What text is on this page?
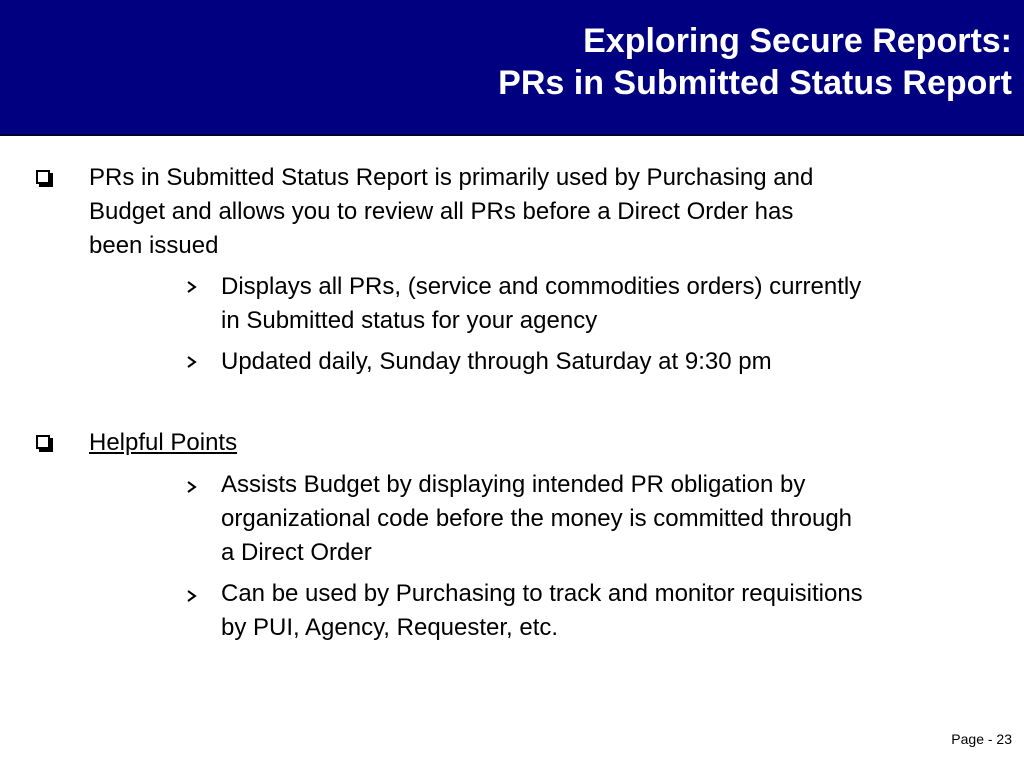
Exploring Secure Reports:
PRs in Submitted Status Report
PRs in Submitted Status Report is primarily used by Purchasing and
Budget and allows you to review all PRs before a Direct Order has
been issued
Displays all PRs, (service and commodities orders) currently
in Submitted status for your agency
Updated daily, Sunday through Saturday at 9:30 pm
Helpful Points
Assists Budget by displaying intended PR obligation by
organizational code before the money is committed through
a Direct Order
Can be used by Purchasing to track and monitor requisitions
by PUI, Agency, Requester, etc.
Page - 23
